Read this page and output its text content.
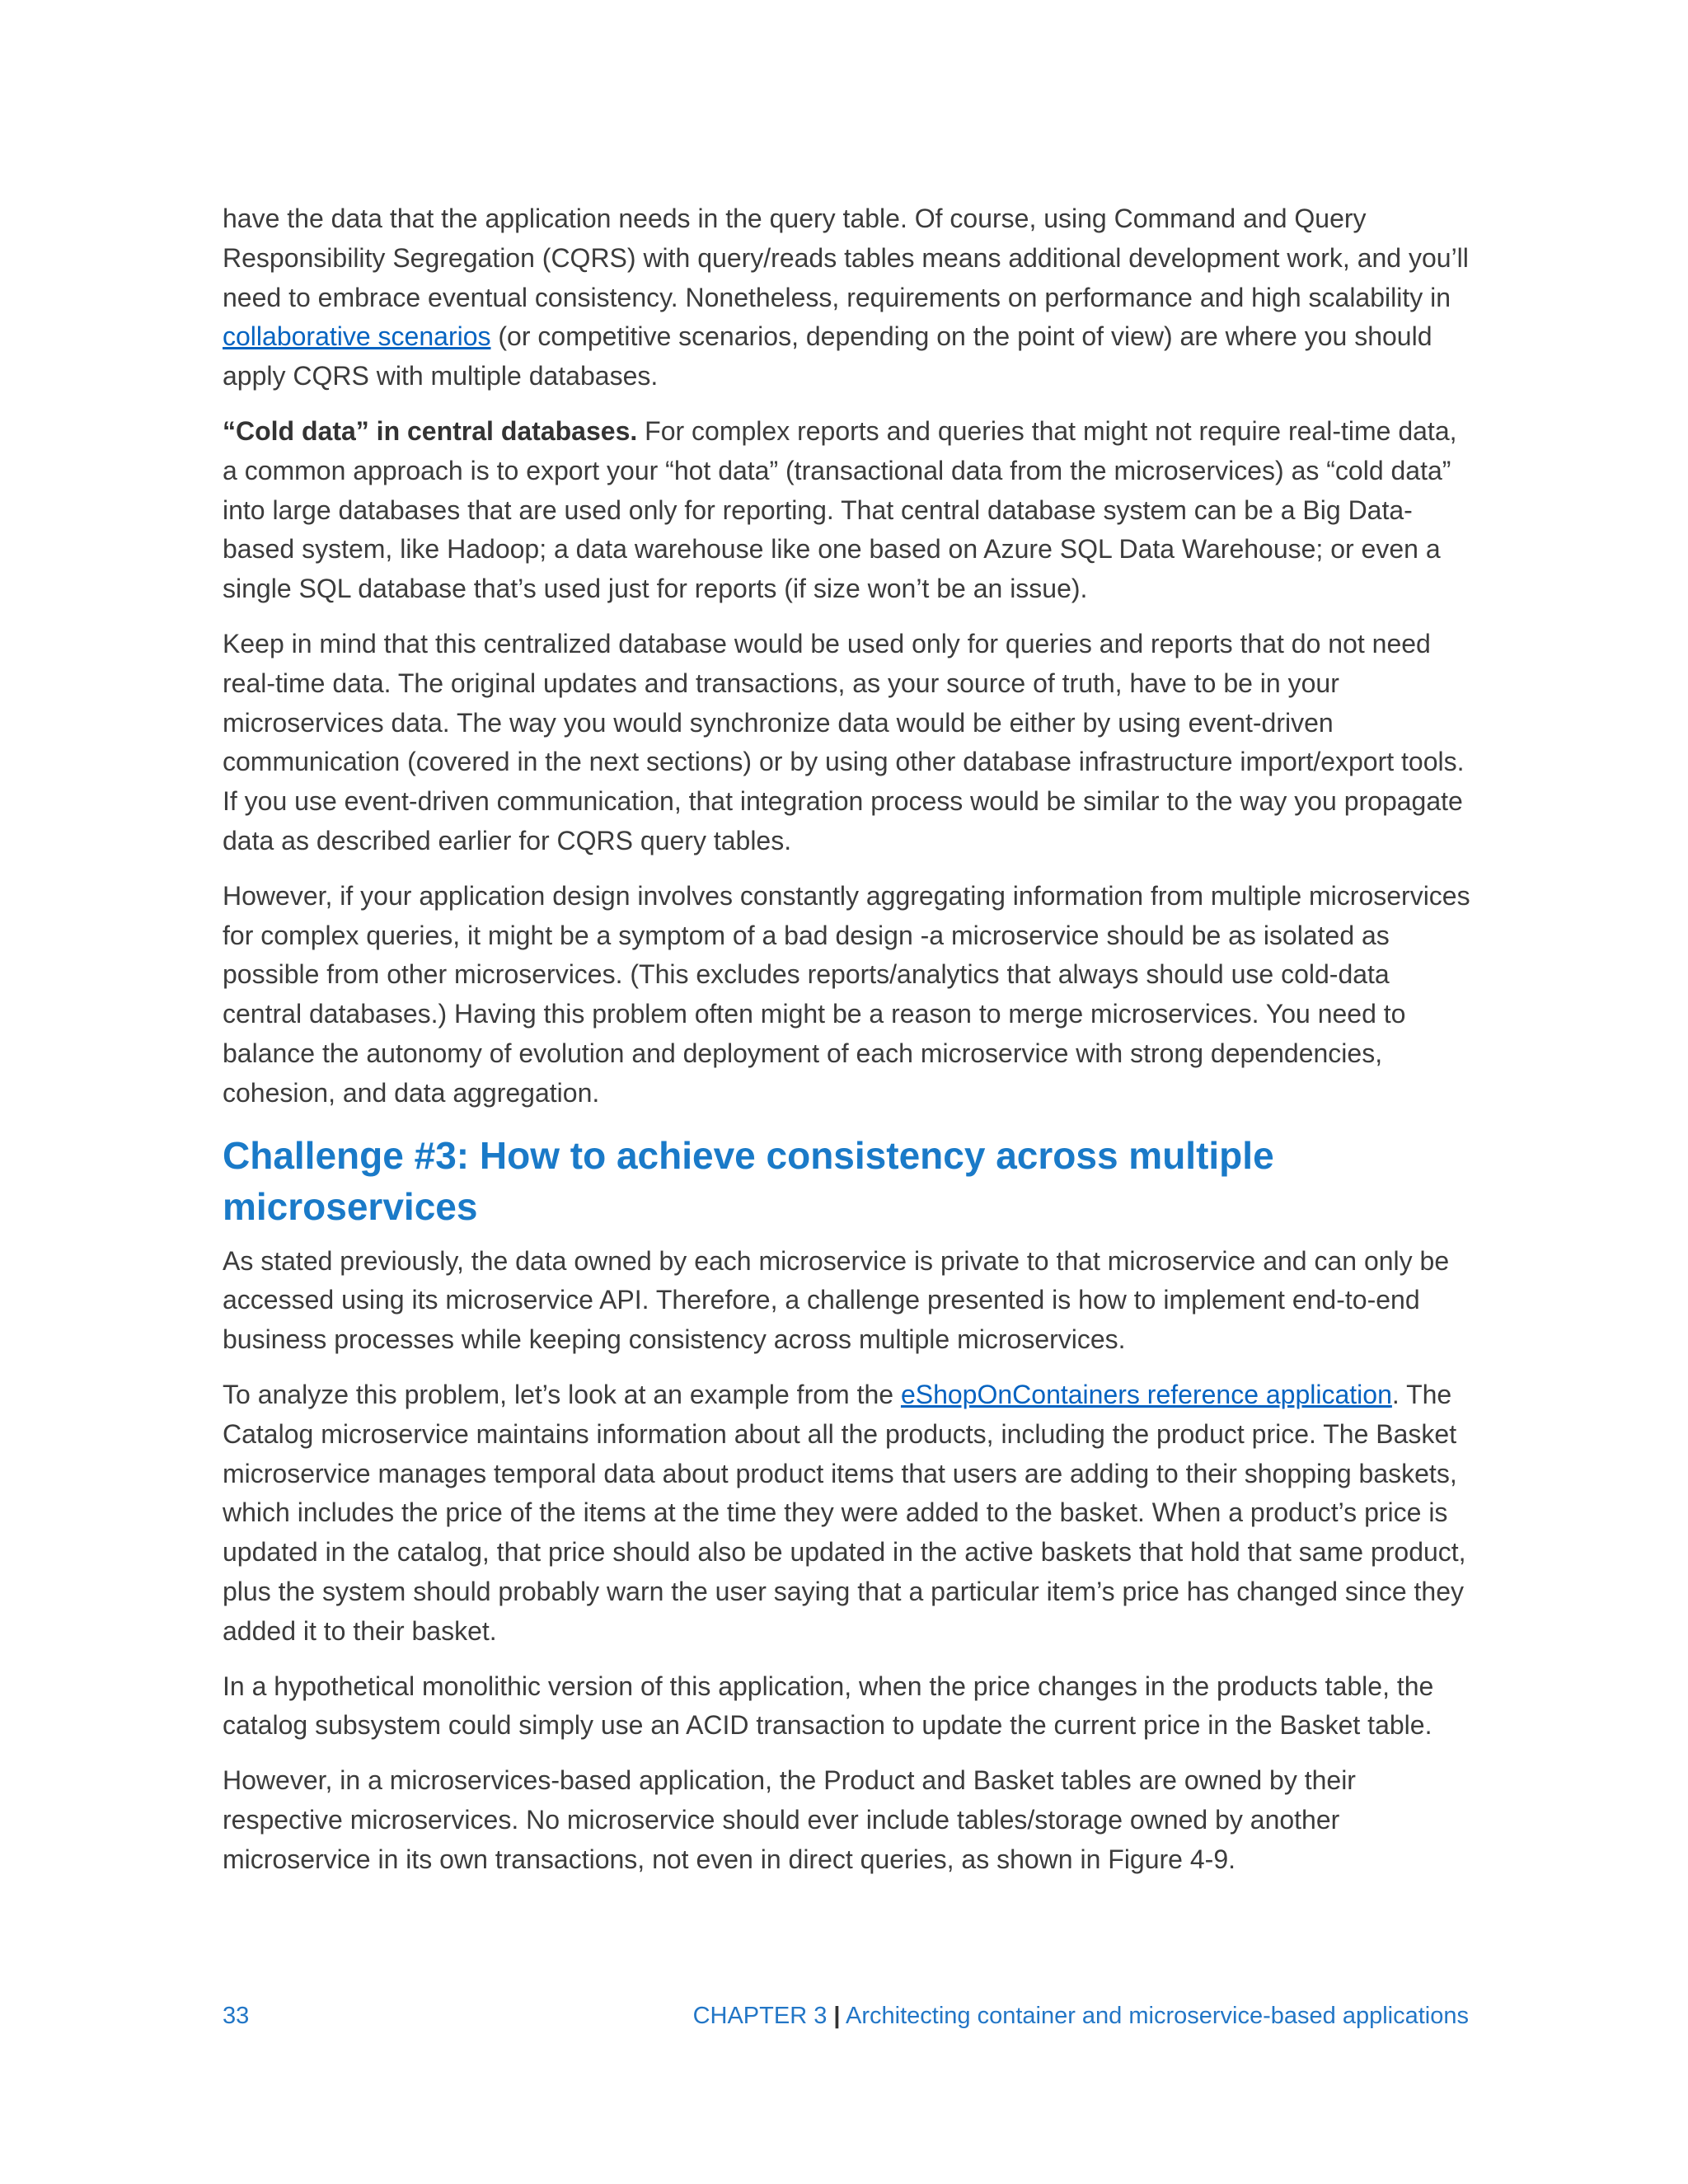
have the data that the application needs in the query table. Of course, using Command and Query Responsibility Segregation (CQRS) with query/reads tables means additional development work, and you’ll need to embrace eventual consistency. Nonetheless, requirements on performance and high scalability in collaborative scenarios (or competitive scenarios, depending on the point of view) are where you should apply CQRS with multiple databases.

“Cold data” in central databases. For complex reports and queries that might not require real-time data, a common approach is to export your “hot data” (transactional data from the microservices) as “cold data” into large databases that are used only for reporting. That central database system can be a Big Data-based system, like Hadoop; a data warehouse like one based on Azure SQL Data Warehouse; or even a single SQL database that’s used just for reports (if size won’t be an issue).

Keep in mind that this centralized database would be used only for queries and reports that do not need real-time data. The original updates and transactions, as your source of truth, have to be in your microservices data. The way you would synchronize data would be either by using event-driven communication (covered in the next sections) or by using other database infrastructure import/export tools. If you use event-driven communication, that integration process would be similar to the way you propagate data as described earlier for CQRS query tables.

However, if your application design involves constantly aggregating information from multiple microservices for complex queries, it might be a symptom of a bad design -a microservice should be as isolated as possible from other microservices. (This excludes reports/analytics that always should use cold-data central databases.) Having this problem often might be a reason to merge microservices. You need to balance the autonomy of evolution and deployment of each microservice with strong dependencies, cohesion, and data aggregation.

Challenge #3: How to achieve consistency across multiple microservices

As stated previously, the data owned by each microservice is private to that microservice and can only be accessed using its microservice API. Therefore, a challenge presented is how to implement end-to-end business processes while keeping consistency across multiple microservices.

To analyze this problem, let’s look at an example from the eShopOnContainers reference application. The Catalog microservice maintains information about all the products, including the product price. The Basket microservice manages temporal data about product items that users are adding to their shopping baskets, which includes the price of the items at the time they were added to the basket. When a product’s price is updated in the catalog, that price should also be updated in the active baskets that hold that same product, plus the system should probably warn the user saying that a particular item’s price has changed since they added it to their basket.

In a hypothetical monolithic version of this application, when the price changes in the products table, the catalog subsystem could simply use an ACID transaction to update the current price in the Basket table.

However, in a microservices-based application, the Product and Basket tables are owned by their respective microservices. No microservice should ever include tables/storage owned by another microservice in its own transactions, not even in direct queries, as shown in Figure 4-9.

33	CHAPTER 3 | Architecting container and microservice-based applications
